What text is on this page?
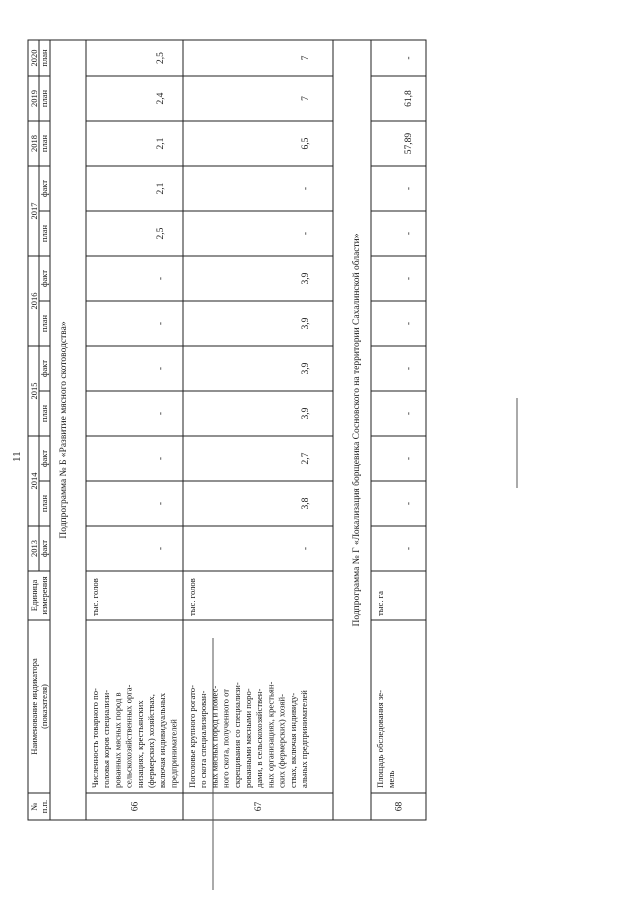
11
№ п.п.
Наименование индикатора (показателя)
Единица измерения
2013
2014
2015
2016
2017
2018
2019
2020
факт
план
факт
план
факт
план
факт
план
факт
план
план
план
Подпрограмма № Б «Развитие мясного скотоводства»	Подпрограмма № Г «Локализация борщевика Сосновского на территории Сахалинской области»
66
Численность товарного по- головья коров специализи- рованных мясных пород в сельскохозяйственных орга- низациях, крестьянских (фермерских) хозяйствах, включая индивидуальных предпринимателей
тыс. голов
-
-
-
-
-
-
-
2,5
2,1
2,1
2,4
2,5
67
Поголовье крупного рогато- го скота специализирован- ных мясных пород и помес- ного скота, полученного от скрещивания со специализи- рованными мясными поро- дами, в сельскохозяйствен- ных организациях, крестьян- ских (фермерских) хозяй- ствах, включая индивиду- альных предпринимателей
тыс. голов
-
3,8
2,7
3,9
3,9
3,9
3,9
-
-
6,5
7
7
68
Площадь обследования зе- мель
тыс. га
-
-
-
-
-
-
-
-
-
57,89
61,8
-
